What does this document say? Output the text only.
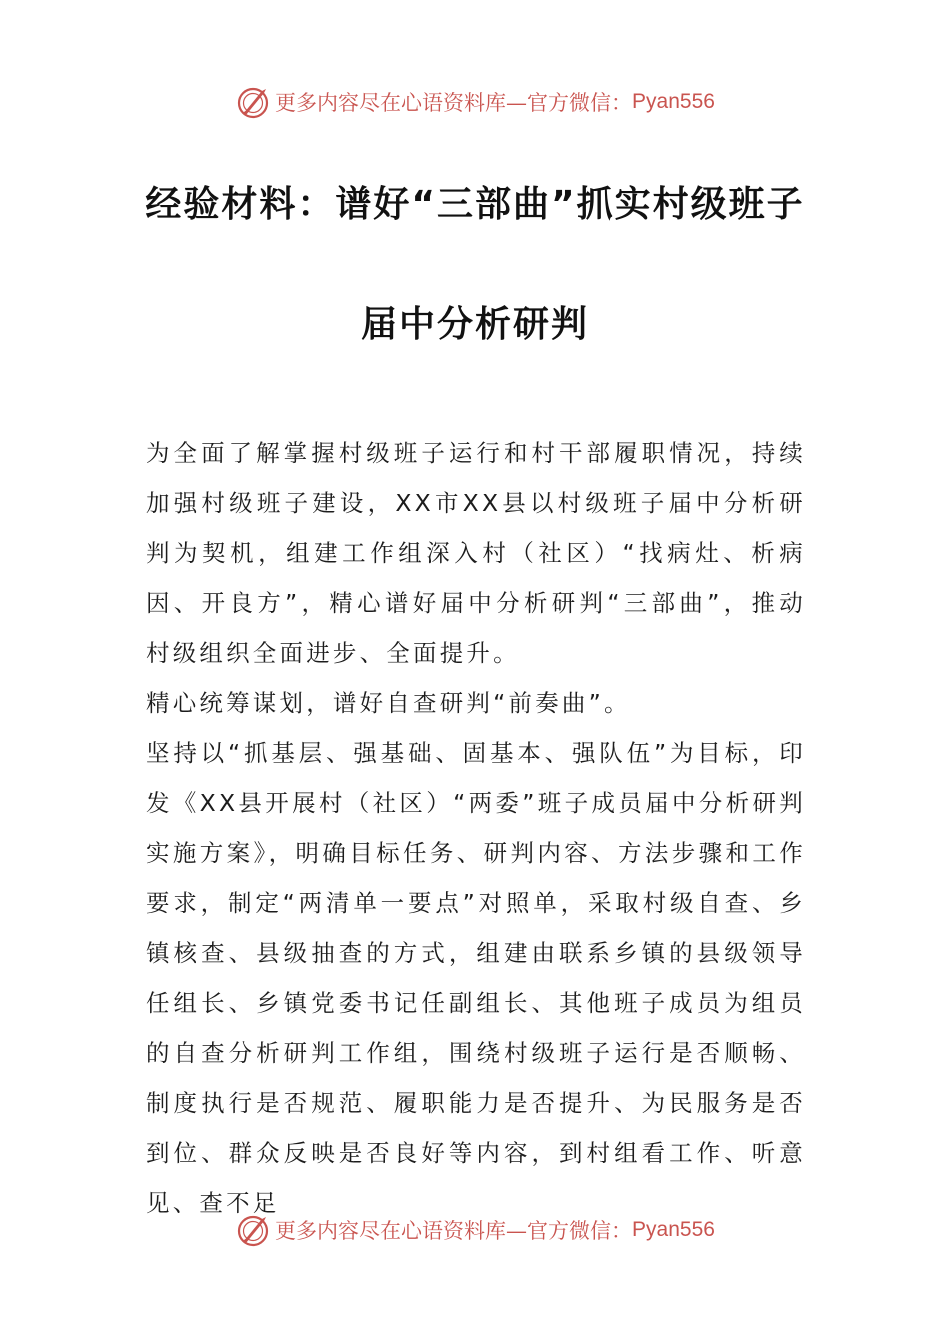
更多内容尽在心语资料库—官方微信： Pyan556
经验材料：谱好“三部曲”抓实村级班子
届中分析研判

为全面了解掌握村级班子运行和村干部履职情况，持续加强村级班子建设，XX市XX县以村级班子届中分析研判为契机，组建工作组深入村（社区）“找病灶、析病因、开良方”，精心谱好届中分析研判“三部曲”，推动村级组织全面进步、全面提升。

精心统筹谋划，谱好自查研判“前奏曲”。

坚持以“抓基层、强基础、固基本、强队伍”为目标，印发《XX县开展村（社区）“两委”班子成员届中分析研判实施方案》，明确目标任务、研判内容、方法步骤和工作要求，制定“两清单一要点”对照单，采取村级自查、乡镇核查、县级抽查的方式，组建由联系乡镇的县级领导任组长、乡镇党委书记任副组长、其他班子成员为组员的自查分析研判工作组，围绕村级班子运行是否顺畅、制度执行是否规范、履职能力是否提升、为民服务是否到位、群众反映是否良好等内容，到村组看工作、听意见、查不足

更多内容尽在心语资料库—官方微信： Pyan556
